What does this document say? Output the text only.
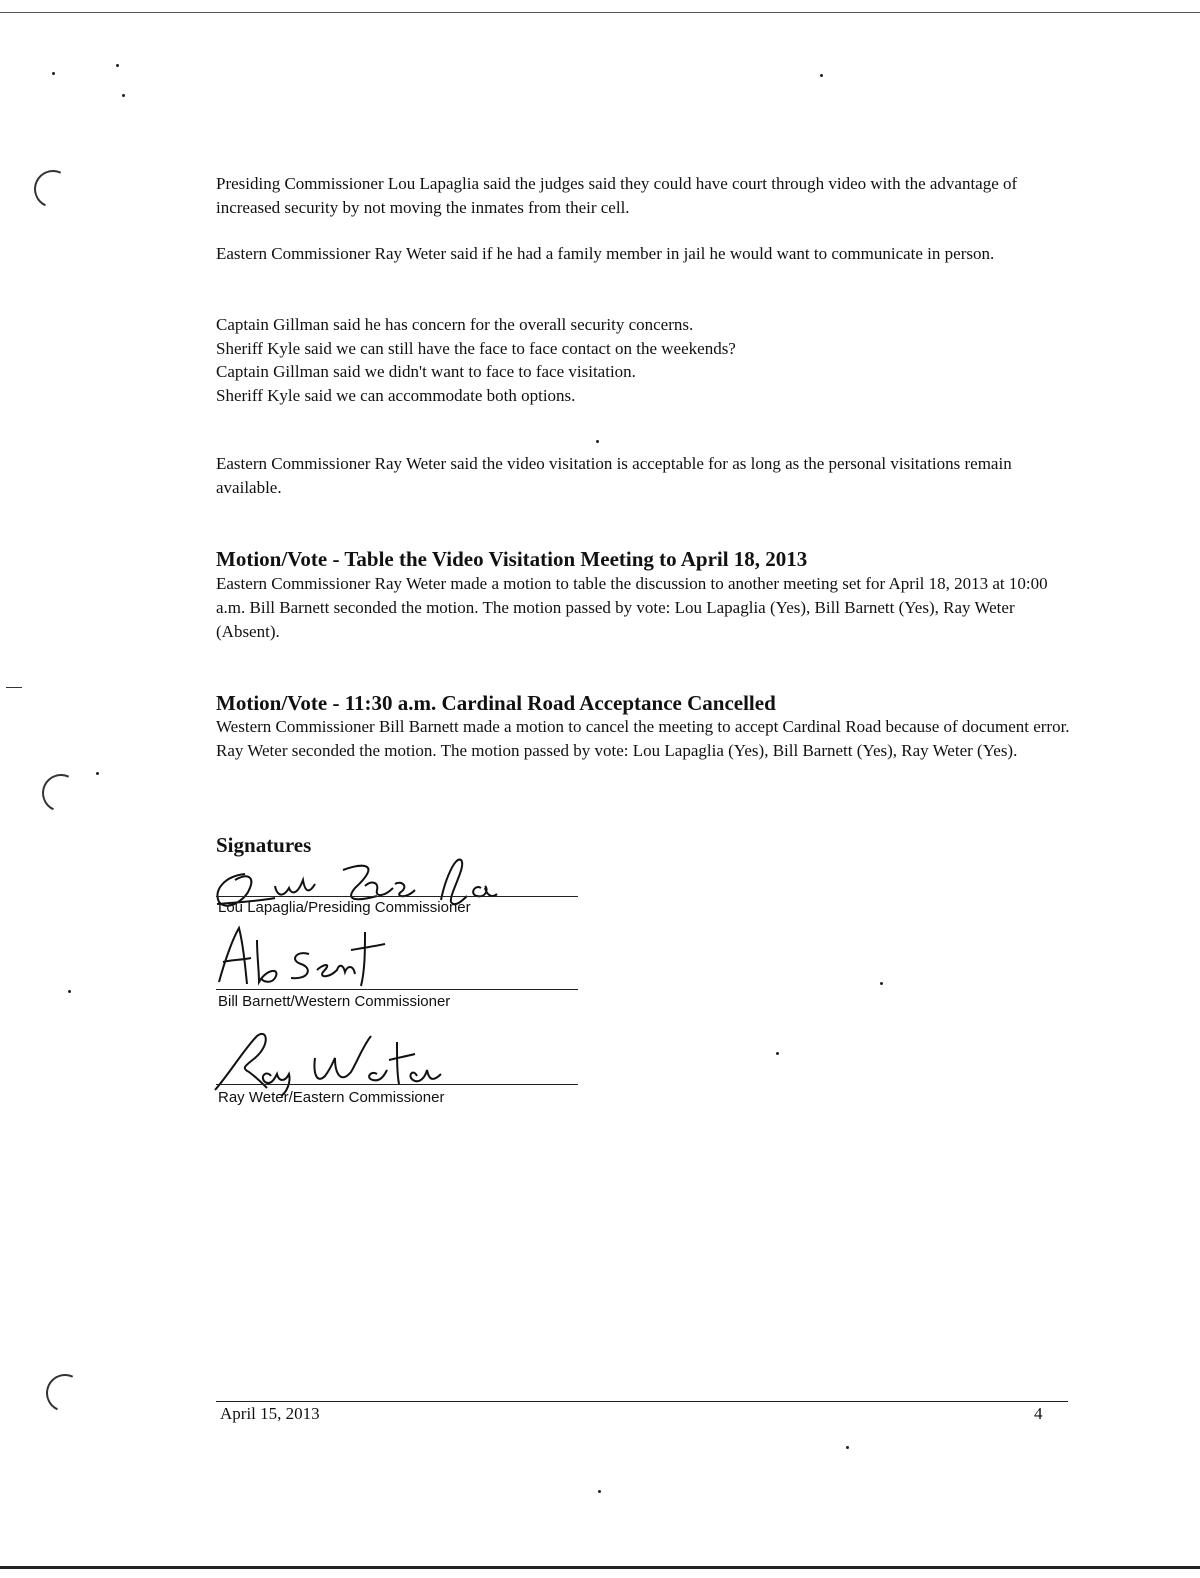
Presiding Commissioner Lou Lapaglia said the judges said they could have court through video with the advantage of increased security by not moving the inmates from their cell.

Eastern Commissioner Ray Weter said if he had a family member in jail he would want to communicate in person.

Captain Gillman said he has concern for the overall security concerns.
Sheriff Kyle said we can still have the face to face contact on the weekends?
Captain Gillman said we didn't want to face to face visitation.
Sheriff Kyle said we can accommodate both options.

Eastern Commissioner Ray Weter said the video visitation is acceptable for as long as the personal visitations remain available.

Motion/Vote - Table the Video Visitation Meeting to April 18, 2013

Eastern Commissioner Ray Weter made a motion to table the discussion to another meeting set for April 18, 2013 at 10:00 a.m. Bill Barnett seconded the motion. The motion passed by vote: Lou Lapaglia (Yes), Bill Barnett (Yes), Ray Weter (Absent).

Motion/Vote - 11:30 a.m. Cardinal Road Acceptance Cancelled

Western Commissioner Bill Barnett made a motion to cancel the meeting to accept Cardinal Road because of document error. Ray Weter seconded the motion. The motion passed by vote: Lou Lapaglia (Yes), Bill Barnett (Yes), Ray Weter (Yes).

Signatures
Lou Lapaglia/Presiding Commissioner
Bill Barnett/Western Commissioner
Ray Weter/Eastern Commissioner
April 15, 2013	4
